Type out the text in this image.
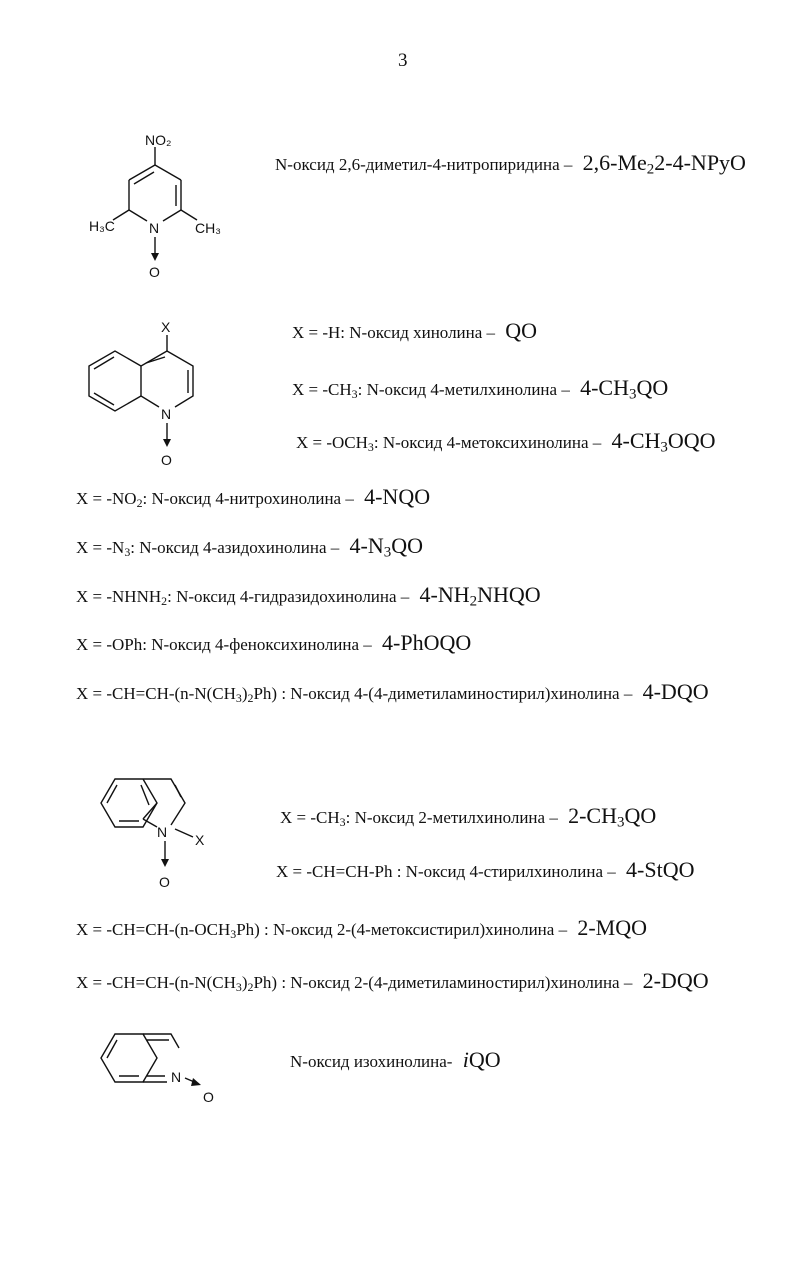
3
NO₂
H₃C N	CH₃
O
X
N
O
N X
O
N
O
N-оксид 2,6-диметил-4-нитропиридина – $2,6-Me_22-4$-NPyO
X = -H: N-оксид хинолина – QO
$X = -CH_3$: N-оксид 4-метилхинолина – $4-CH_3QO$
$X = -OCH_3$: N-оксид 4-метоксихинолина – $4-CH_3OQO$
$X = -NO_2$: N-оксид 4-нитрохинолина – 4-NQO
$X = -N_3$: N-оксид 4-азидохинолина – $4-N_3QO$
$X = -NHNH_2$: N-оксид 4-гидразидохинолина – $4-NH_2NHQO$
X = -OPh: N-оксид 4-феноксихинолина – 4-PhOQO
$X = -CH=CH-(n-N(CH_3)_2Ph)$ : N-оксид 4-(4-диметиламиностирил)хинолина – 4-DQO
$X = -CH_3$: N-оксид 2-метилхинолина – $2-CH_3QO$
X = -CH=CH-Ph : N-оксид 4-стирилхинолина – 4-StQO
$X = -CH=CH-(n-OCH_3Ph)$ : N-оксид 2-(4-метоксистирил)хинолина – 2-MQO
$X = -CH=CH-(n-N(CH_3)_2Ph)$ : N-оксид 2-(4-диметиламиностирил)хинолина – 2-DQO
N-оксид изохинолина- iQO
